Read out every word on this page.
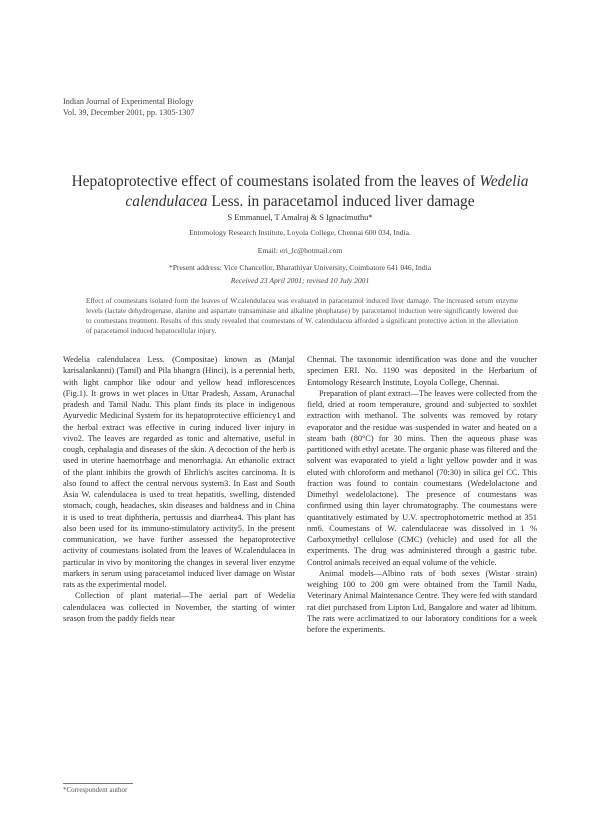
Indian Journal of Experimental Biology
Vol. 39, December 2001, pp. 1305-1307
Hepatoprotective effect of coumestans isolated from the leaves of Wedelia calendulacea Less. in paracetamol induced liver damage
S Emmanuel, T Amalraj & S Ignacimuthu*
Entomology Research Institute, Loyola College, Chennai 600 034, India.
Email: eri_lc@hotmail.com
*Present address: Vice Chancellor, Bharathiyar University, Coimbatore 641 046, India
Received 23 April 2001; revised 10 July 2001
Effect of coumestans isolated form the leaves of W.calendulacea was evaluated in paracetamol induced liver damage. The increased serum enzyme levels (lactate dehydrogenase, alanine and aspartate transaminase and alkaline phophatase) by paracetamol induction were significantly lowered due to coumestans treatment. Results of this study revealed that coumestans of W. calendulacea afforded a significant protective action in the alleviation of paracetamol induced hepatocellular injury.

Wedelia calendulacea Less. (Compositae) known as (Manjal karisalankanni) (Tamil) and Pila bhangra (Hinci), is a perennial herb, with light camphor like odour and yellow head inflorescences (Fig.1). It grows in wet places in Uttar Pradesh, Assam, Arunachal pradesh and Tamil Nadu. This plant finds its place in indigenous Ayurvedic Medicinal System for its hepatoprotective efficiency1 and the herbal extract was effective in curing induced liver injury in vivo2. The leaves are regarded as tonic and alternative, useful in cough, cephalagia and diseases of the skin. A decoction of the herb is used in uterine haemorrhage and menorrhagia. An ethanolic extract of the plant inhibits the growth of Ehrlich's ascites carcinoma. It is also found to affect the central nervous system3. In East and South Asia W. calendulacea is used to treat hepatitis, swelling, distended stomach, cough, headaches, skin diseases and baldness and in China it is used to treat diphtheria, pertussis and diarrhea4. This plant has also been used for its immuno-stimulatory activity5. In the present communication, we have further assessed the hepatoprotective activity of coumestans isolated from the leaves of W.calendulacea in particular in vivo by monitoring the changes in several liver enzyme markers in serum using paracetamol induced liver damage on Wistar rats as the experimental model.

Collection of plant material—The aerial part of Wedelia calendulacea was collected in November, the starting of winter season from the paddy fields near

Chennai. The taxonomic identification was done and the voucher specimen ERI. No. 1190 was deposited in the Herbarium of Entomology Research Institute, Loyola College, Chennai.

Preparation of plant extract—The leaves were collected from the field, dried at room temperature, ground and subjected to soxhlet extraction with methanol. The solvents was removed by rotary evaporator and the residue was suspended in water and heated on a steam bath (80°C) for 30 mins. Then the aqueous phase was partitioned with ethyl acetate. The organic phase was filtered and the solvent was evaporated to yield a light yellow powder and it was eluted with chloroform and methanol (70:30) in silica gel CC. This fraction was found to contain coumestans (Wedelolactone and Dimethyl wedelolactone). The presence of coumestans was confirmed using thin layer chromatography. The coumestans were quantitatively estimated by U.V. spectrophotometric method at 351 nm6. Coumestans of W. calendulaceae was dissolved in 1 % Carboxymethyl cellulose (CMC) (vehicle) and used for all the experiments. The drug was administered through a gastric tube. Control animals received an equal volume of the vehicle.

Animal models—Albino rats of both sexes (Wistar strain) weighing 100 to 200 gm were obtained from the Tamil Nadu, Veterinary Animal Maintenance Centre. They were fed with standard rat diet purchased from Lipton Ltd, Bangalore and water ad libitum. The rats were acclimatized to our laboratory conditions for a week before the experiments.

*Correspondent author
